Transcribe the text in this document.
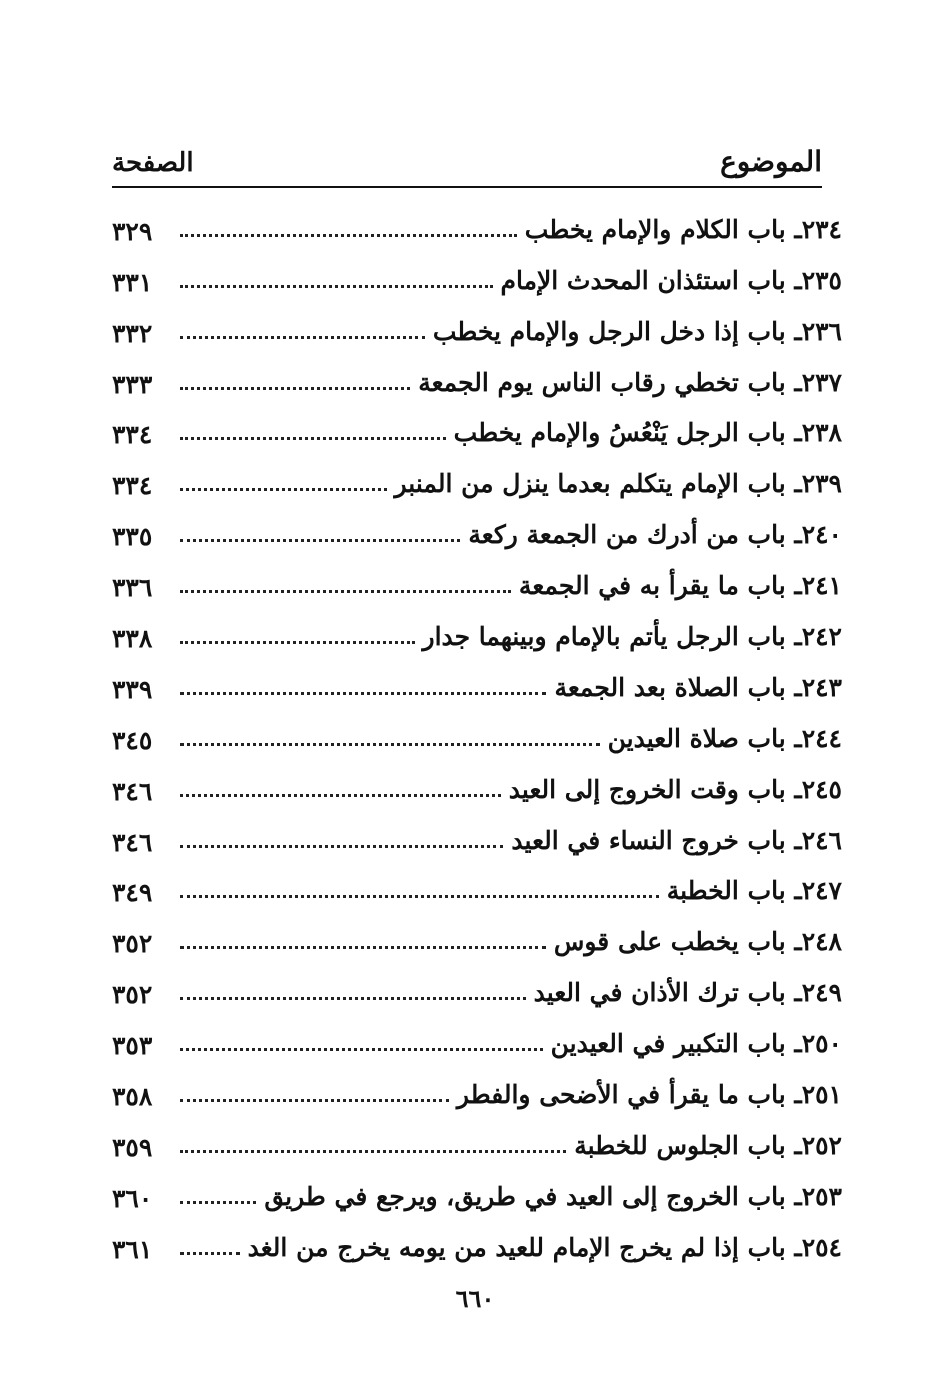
الموضوع
الصفحة
٢٣٤ـ باب الكلام والإمام يخطب
٣٢٩
٢٣٥ـ باب استئذان المحدث الإمام
٣٣١
٢٣٦ـ باب إذا دخل الرجل والإمام يخطب
٣٣٢
٢٣٧ـ باب تخطي رقاب الناس يوم الجمعة
٣٣٣
٢٣٨ـ باب الرجل يَنْعُسُ والإمام يخطب
٣٣٤
٢٣٩ـ باب الإمام يتكلم بعدما ينزل من المنبر
٣٣٤
٢٤٠ـ باب من أدرك من الجمعة ركعة
٣٣٥
٢٤١ـ باب ما يقرأ به في الجمعة
٣٣٦
٢٤٢ـ باب الرجل يأتم بالإمام وبينهما جدار
٣٣٨
٢٤٣ـ باب الصلاة بعد الجمعة
٣٣٩
٢٤٤ـ باب صلاة العيدين
٣٤٥
٢٤٥ـ باب وقت الخروج إلى العيد
٣٤٦
٢٤٦ـ باب خروج النساء في العيد
٣٤٦
٢٤٧ـ باب الخطبة
٣٤٩
٢٤٨ـ باب يخطب على قوس
٣٥٢
٢٤٩ـ باب ترك الأذان في العيد
٣٥٢
٢٥٠ـ باب التكبير في العيدين
٣٥٣
٢٥١ـ باب ما يقرأ في الأضحى والفطر
٣٥٨
٢٥٢ـ باب الجلوس للخطبة
٣٥٩
٢٥٣ـ باب الخروج إلى العيد في طريق، ويرجع في طريق
٣٦٠
٢٥٤ـ باب إذا لم يخرج الإمام للعيد من يومه يخرج من الغد
٣٦١
٦٦٠
